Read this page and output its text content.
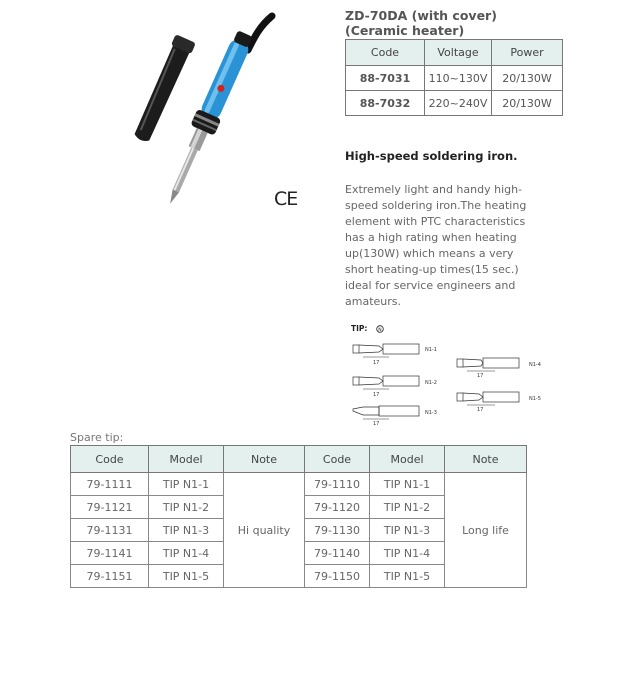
CE
ZD-70DA (with cover)
(Ceramic heater)
Code	Voltage	Power
88-7031	110~130V	20/130W
88-7032	220~240V	20/130W
High-speed soldering iron.
Extremely light and handy high-speed soldering iron.The heating element with PTC characteristics has a high rating when heating up(130W) which means a very short heating-up times(15 sec.) ideal for service engineers and amateurs.
TIP: N
17
N1-1
17
N1-2
17
N1-3
17
N1-4
17
N1-5
Spare tip:
Code	Model	Note	Code	Model	Note
79-1111	TIP N1-1	Hi quality	79-1110	TIP N1-1	Long life
79-1121	TIP N1-2		79-1120	TIP N1-2	
79-1131	TIP N1-3		79-1130	TIP N1-3	
79-1141	TIP N1-4		79-1140	TIP N1-4	
79-1151	TIP N1-5		79-1150	TIP N1-5	
